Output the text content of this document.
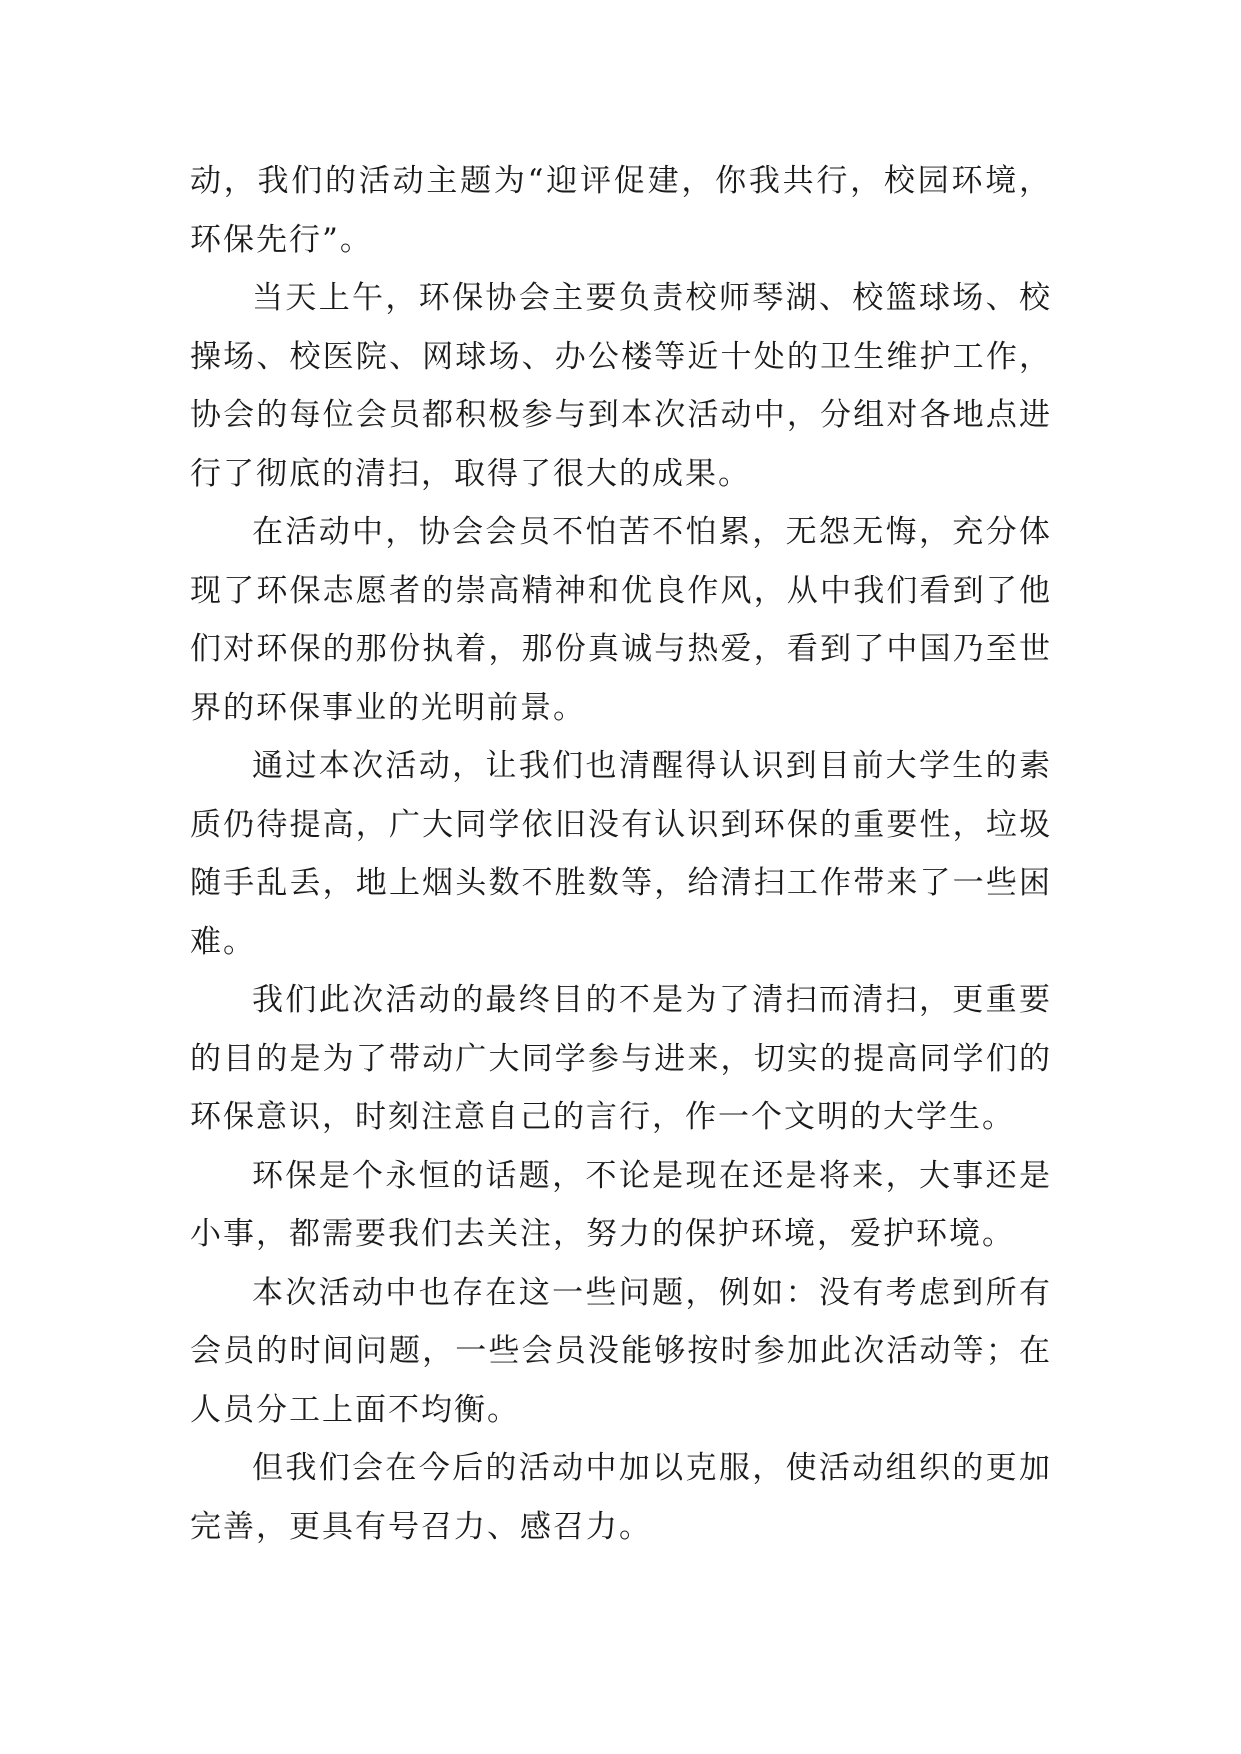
动，我们的活动主题为“迎评促建，你我共行，校园环境，环保先行”。

当天上午，环保协会主要负责校师琴湖、校篮球场、校操场、校医院、网球场、办公楼等近十处的卫生维护工作，协会的每位会员都积极参与到本次活动中，分组对各地点进行了彻底的清扫，取得了很大的成果。

在活动中，协会会员不怕苦不怕累，无怨无悔，充分体现了环保志愿者的崇高精神和优良作风，从中我们看到了他们对环保的那份执着，那份真诚与热爱，看到了中国乃至世界的环保事业的光明前景。

通过本次活动，让我们也清醒得认识到目前大学生的素质仍待提高，广大同学依旧没有认识到环保的重要性，垃圾随手乱丢，地上烟头数不胜数等，给清扫工作带来了一些困难。

我们此次活动的最终目的不是为了清扫而清扫，更重要的目的是为了带动广大同学参与进来，切实的提高同学们的环保意识，时刻注意自己的言行，作一个文明的大学生。

环保是个永恒的话题，不论是现在还是将来，大事还是小事，都需要我们去关注，努力的保护环境，爱护环境。

本次活动中也存在这一些问题，例如：没有考虑到所有会员的时间问题，一些会员没能够按时参加此次活动等；在人员分工上面不均衡。

但我们会在今后的活动中加以克服，使活动组织的更加完善，更具有号召力、感召力。
